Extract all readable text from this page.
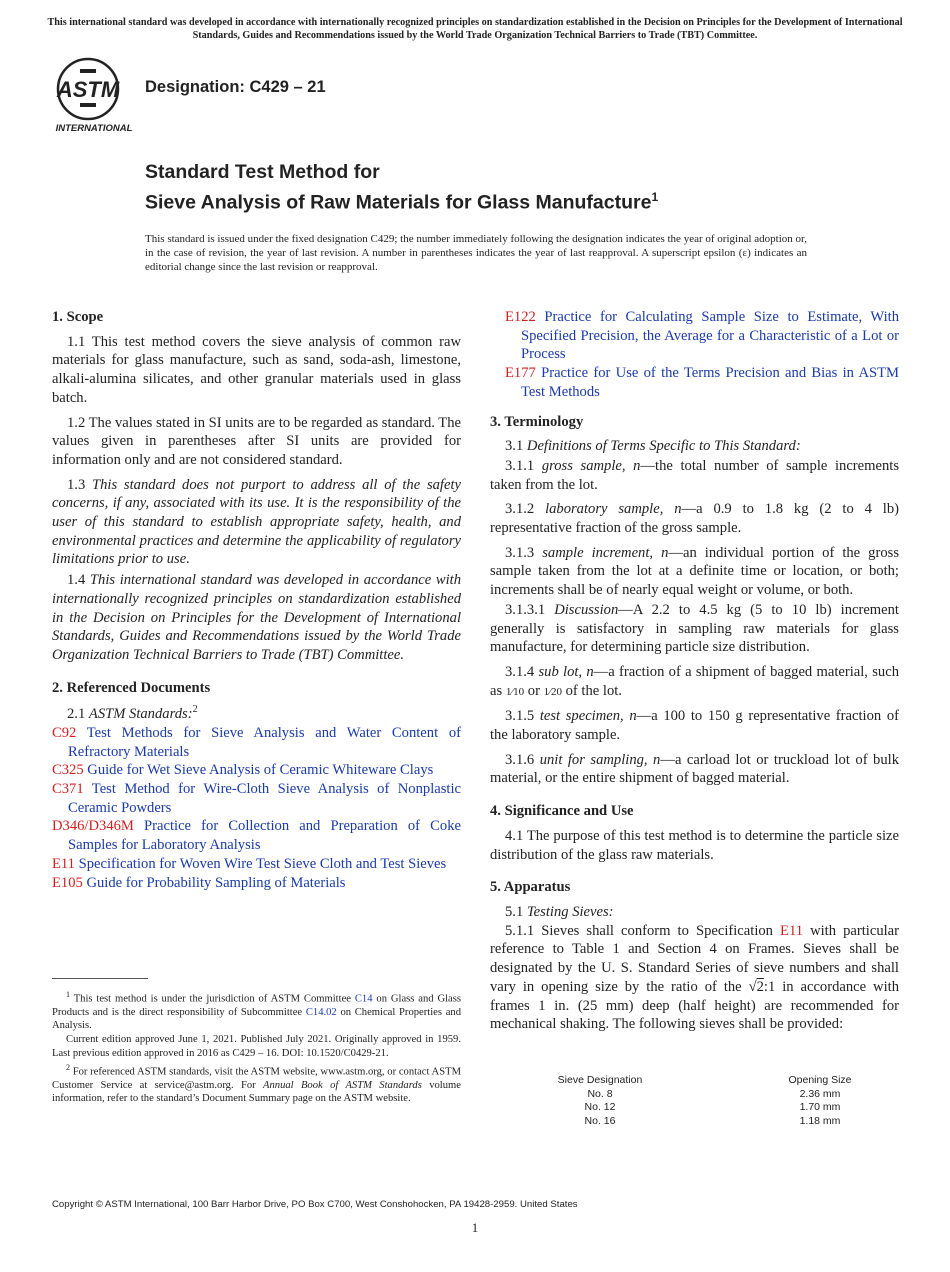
This international standard was developed in accordance with internationally recognized principles on standardization established in the Decision on Principles for the Development of International Standards, Guides and Recommendations issued by the World Trade Organization Technical Barriers to Trade (TBT) Committee.
ASTM
INTERNATIONAL
Designation: C429 – 21
Standard Test Method for
Sieve Analysis of Raw Materials for Glass Manufacture$^1$
This standard is issued under the fixed designation C429; the number immediately following the designation indicates the year of original adoption or, in the case of revision, the year of last revision. A number in parentheses indicates the year of last reapproval. A superscript epsilon (ε) indicates an editorial change since the last revision or reapproval.
1. Scope

1.1 This test method covers the sieve analysis of common raw materials for glass manufacture, such as sand, soda-ash, limestone, alkali-alumina silicates, and other granular materials used in glass batch.

1.2 The values stated in SI units are to be regarded as standard. The values given in parentheses after SI units are provided for information only and are not considered standard.

1.3 This standard does not purport to address all of the safety concerns, if any, associated with its use. It is the responsibility of the user of this standard to establish appropriate safety, health, and environmental practices and determine the applicability of regulatory limitations prior to use.

1.4 This international standard was developed in accordance with internationally recognized principles on standardization established in the Decision on Principles for the Development of International Standards, Guides and Recommendations issued by the World Trade Organization Technical Barriers to Trade (TBT) Committee.

2. Referenced Documents

2.1 ASTM Standards:$^2$

C92 Test Methods for Sieve Analysis and Water Content of Refractory Materials

C325 Guide for Wet Sieve Analysis of Ceramic Whiteware Clays

C371 Test Method for Wire-Cloth Sieve Analysis of Nonplastic Ceramic Powders

D346/D346M Practice for Collection and Preparation of Coke Samples for Laboratory Analysis

E11 Specification for Woven Wire Test Sieve Cloth and Test Sieves

E105 Guide for Probability Sampling of Materials

$^1$ This test method is under the jurisdiction of ASTM Committee C14 on Glass and Glass Products and is the direct responsibility of Subcommittee C14.02 on Chemical Properties and Analysis.

Current edition approved June 1, 2021. Published July 2021. Originally approved in 1959. Last previous edition approved in 2016 as C429 – 16. DOI: 10.1520/C0429-21.

$^2$ For referenced ASTM standards, visit the ASTM website, www.astm.org, or contact ASTM Customer Service at service@astm.org. For Annual Book of ASTM Standards volume information, refer to the standard’s Document Summary page on the ASTM website.

E122 Practice for Calculating Sample Size to Estimate, With Specified Precision, the Average for a Characteristic of a Lot or Process

E177 Practice for Use of the Terms Precision and Bias in ASTM Test Methods

3. Terminology

3.1 Definitions of Terms Specific to This Standard:

3.1.1 gross sample, n—the total number of sample increments taken from the lot.

3.1.2 laboratory sample, n—a 0.9 to 1.8 kg (2 to 4 lb) representative fraction of the gross sample.

3.1.3 sample increment, n—an individual portion of the gross sample taken from the lot at a definite time or location, or both; increments shall be of nearly equal weight or volume, or both.

3.1.3.1 Discussion—A 2.2 to 4.5 kg (5 to 10 lb) increment generally is satisfactory in sampling raw materials for glass manufacture, for determining particle size distribution.

3.1.4 sub lot, n—a fraction of a shipment of bagged material, such as 1⁄10 or 1⁄20 of the lot.

3.1.5 test specimen, n—a 100 to 150 g representative fraction of the laboratory sample.

3.1.6 unit for sampling, n—a carload lot or truckload lot of bulk material, or the entire shipment of bagged material.

4. Significance and Use

4.1 The purpose of this test method is to determine the particle size distribution of the glass raw materials.

5. Apparatus

5.1 Testing Sieves:

5.1.1 Sieves shall conform to Specification E11 with particular reference to Table 1 and Section 4 on Frames. Sieves shall be designated by the U. S. Standard Series of sieve numbers and shall vary in opening size by the ratio of the √2:1 in accordance with frames 1 in. (25 mm) deep (half height) are recommended for mechanical shaking. The following sieves shall be provided:

Sieve Designation	Opening Size
No. 8	2.36 mm
No. 12	1.70 mm
No. 16	1.18 mm
Copyright © ASTM International, 100 Barr Harbor Drive, PO Box C700, West Conshohocken, PA 19428-2959. United States
1
